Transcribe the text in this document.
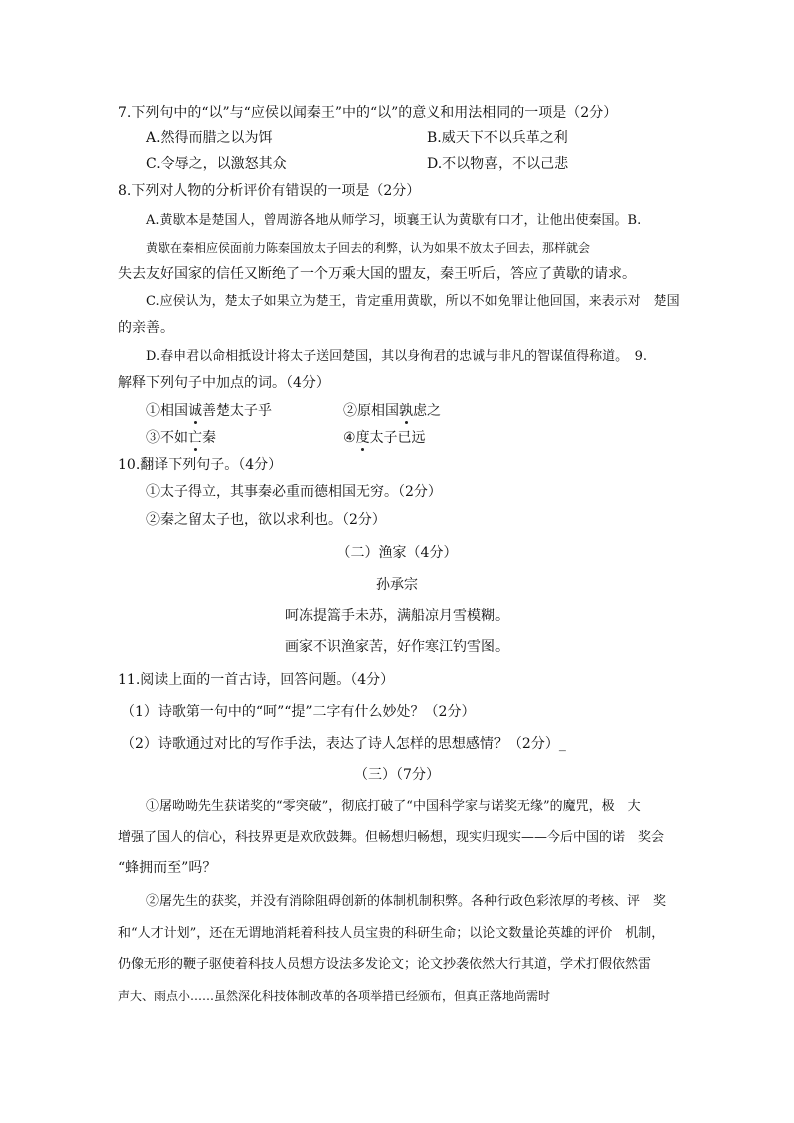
7.下列句中的“以”与“应侯以闻秦王”中的“以”的意义和用法相同的一项是（2分）
A.然得而腊之以为饵	B.威天下不以兵革之利
C.令辱之，以激怒其众	D.不以物喜，不以己悲
8.下列对人物的分析评价有错误的一项是（2分）
A.黄歇本是楚国人，曾周游各地从师学习，顷襄王认为黄歇有口才，让他出使秦国。B.
黄歇在秦相应侯面前力陈秦国放太子回去的利弊，认为如果不放太子回去，那样就会
失去友好国家的信任又断绝了一个万乘大国的盟友，秦王听后，答应了黄歇的请求。
C.应侯认为，楚太子如果立为楚王，肯定重用黄歇，所以不如免罪让他回国，来表示对　楚国
的亲善。
D.春申君以命相抵设计将太子送回楚国，其以身徇君的忠诚与非凡的智谋值得称道。　9.
解释下列句子中加点的词。（4分）
①相国诚善楚太子乎	②原相国孰虑之
③不如亡秦	④度太子已远
10.翻译下列句子。（4分）
①太子得立，其事秦必重而德相国无穷。（2分）
②秦之留太子也，欲以求利也。（2分）
（二）渔家（4分）
孙承宗
呵冻提篙手未苏，满船凉月雪模糊。
画家不识渔家苦，好作寒江钓雪图。
11.阅读上面的一首古诗，回答问题。（4分）
（1）诗歌第一句中的“呵”“提”二字有什么妙处？（2分）
（2）诗歌通过对比的写作手法，表达了诗人怎样的思想感情？（2分）_
（三）（7分）
①屠呦呦先生获诺奖的“零突破”，彻底打破了“中国科学家与诺奖无缘”的魔咒，极　大
增强了国人的信心，科技界更是欢欣鼓舞。但畅想归畅想，现实归现实——今后中国的诺　奖会
“蜂拥而至”吗？
②屠先生的获奖，并没有消除阻碍创新的体制机制积弊。各种行政色彩浓厚的考核、评　奖
和“人才计划”，还在无谓地消耗着科技人员宝贵的科研生命；以论文数量论英雄的评价　机制，
仍像无形的鞭子驱使着科技人员想方设法多发论文；论文抄袭依然大行其道，学术打假依然雷
声大、雨点小……虽然深化科技体制改革的各项举措已经颁布，但真正落地尚需时
